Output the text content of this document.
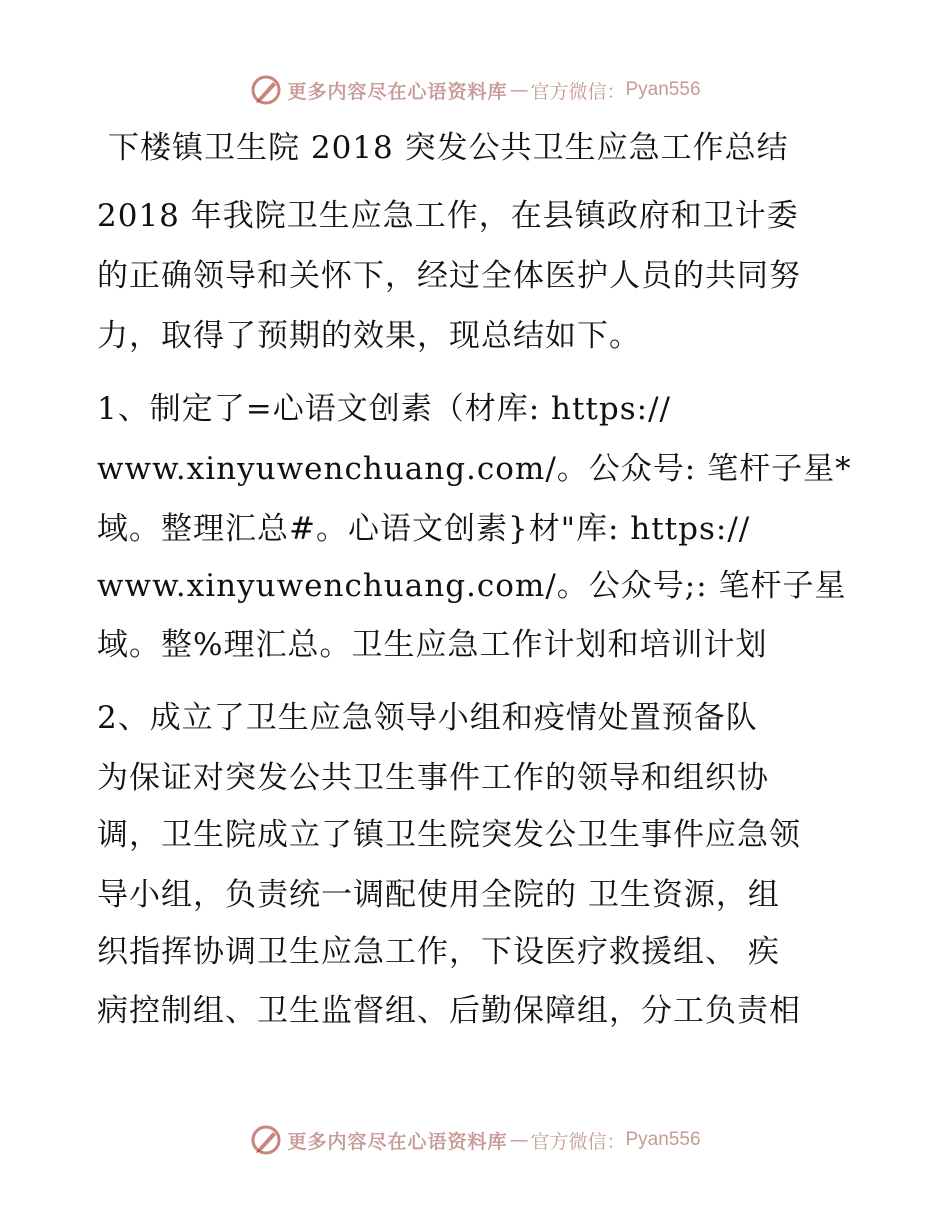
更多内容尽在心语资料库 — 官方微信： Pyan556
下楼镇卫生院 2018 突发公共卫生应急工作总结
2018 年我院卫生应急工作，在县镇政府和卫计委
的正确领导和关怀下，经过全体医护人员的共同努
力，取得了预期的效果，现总结如下。
1、制定了=心语文创素（材库: https://
www.xinyuwenchuang.com/。公众号: 笔杆子星*
域。整理汇总#。心语文创素}材"库: https://
www.xinyuwenchuang.com/。公众号;: 笔杆子星
域。整%理汇总。卫生应急工作计划和培训计划
2、成立了卫生应急领导小组和疫情处置预备队
为保证对突发公共卫生事件工作的领导和组织协
调，卫生院成立了镇卫生院突发公卫生事件应急领
导小组，负责统一调配使用全院的 卫生资源，组
织指挥协调卫生应急工作，下设医疗救援组、 疾
病控制组、卫生监督组、后勤保障组，分工负责相
更多内容尽在心语资料库 — 官方微信： Pyan556
